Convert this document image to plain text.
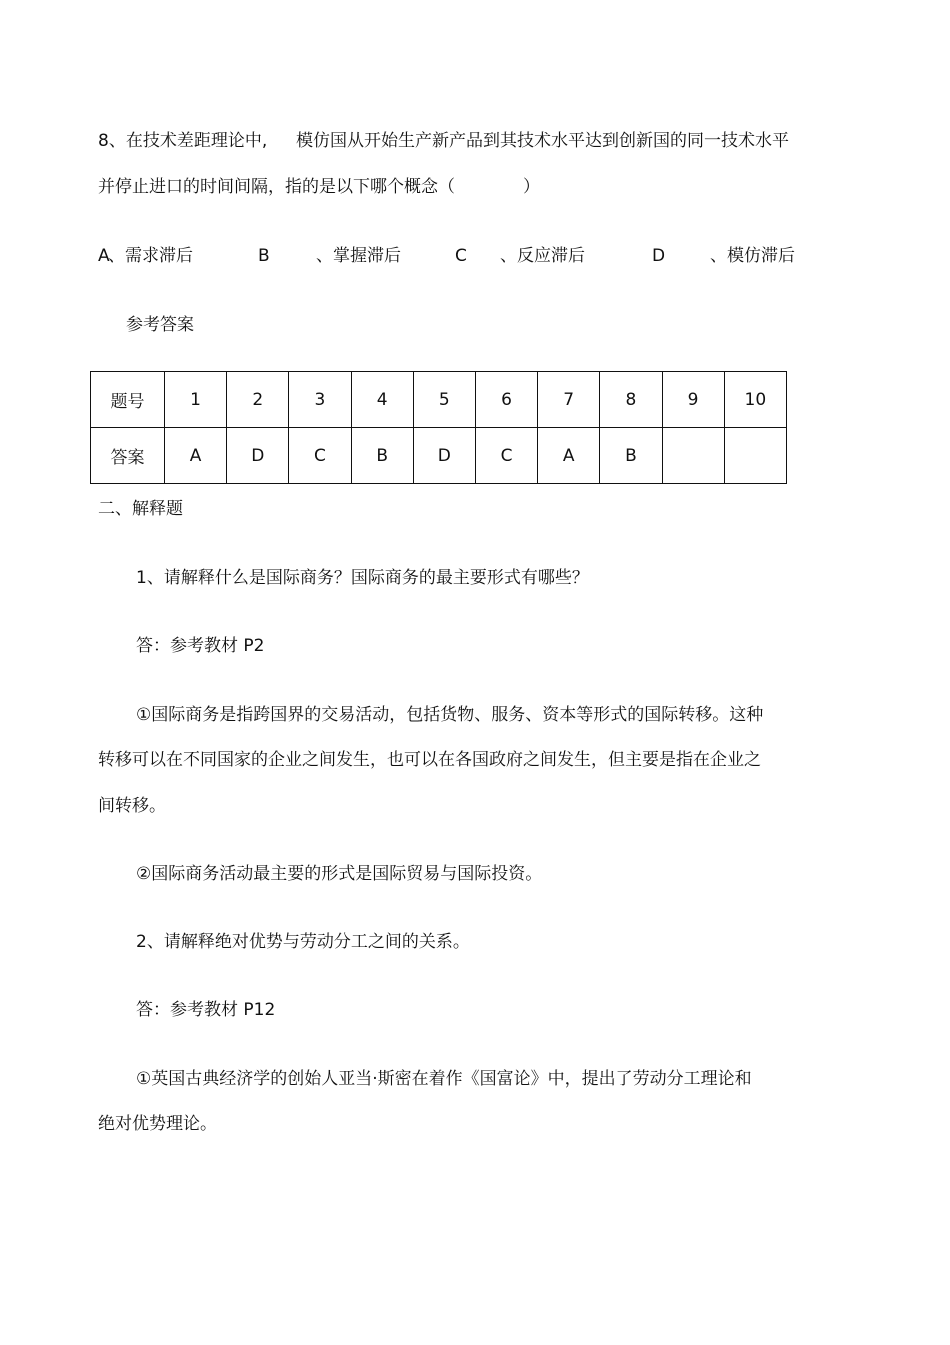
8、在技术差距理论中, 模仿国从开始生产新产品到其技术水平达到创新国的同一技术水平
并停止进口的时间间隔，指的是以下哪个概念（　　　　）
A
、需求滞后	B	、掌握滞后	C 、反应滞后	D	、模仿滞后
参考答案
题号	1	2	3	4	5	6	7	8	9	10
答案	A	D	C	B	D	C	A	B		
二、解释题
1、请解释什么是国际商务？国际商务的最主要形式有哪些？
答：参考教材 P2
①国际商务是指跨国界的交易活动，包括货物、服务、资本等形式的国际转移。这种
转移可以在不同国家的企业之间发生，也可以在各国政府之间发生，但主要是指在企业之
间转移。
②国际商务活动最主要的形式是国际贸易与国际投资。
2、请解释绝对优势与劳动分工之间的关系。
答：参考教材 P12
①英国古典经济学的创始人亚当·斯密在着作《国富论》中，提出了劳动分工理论和
绝对优势理论。
